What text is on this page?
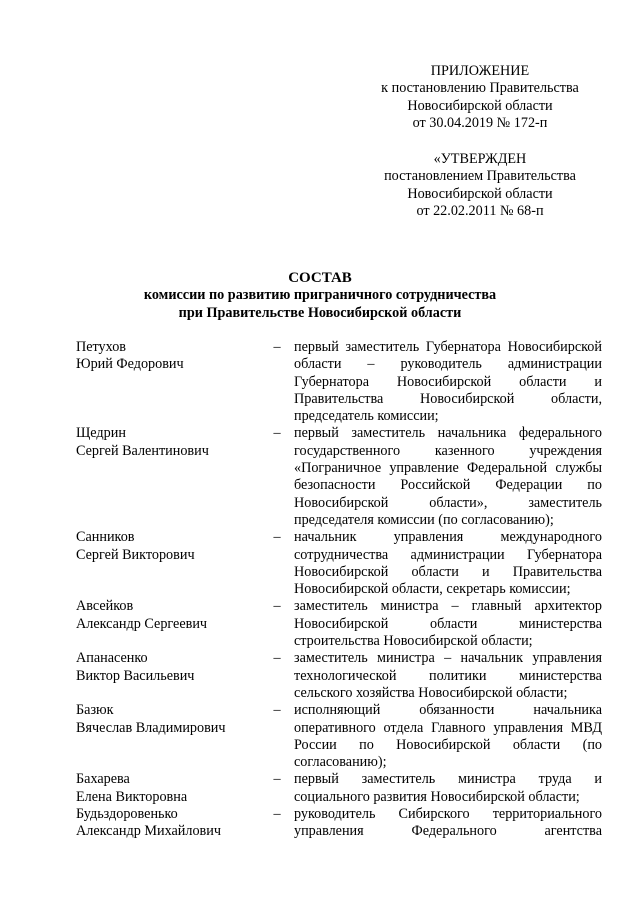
ПРИЛОЖЕНИЕ
к постановлению Правительства
Новосибирской области
от 30.04.2019 № 172-п
«УТВЕРЖДЕН
постановлением Правительства
Новосибирской области
от 22.02.2011 № 68-п
СОСТАВ
комиссии по развитию приграничного сотрудничества
при Правительстве Новосибирской области
Петухов
Юрий Федорович
– первый заместитель Губернатора Новосибирской области – руководитель администрации Губернатора Новосибирской области и Правительства Новосибирской области, председатель комиссии;
Щедрин
Сергей Валентинович
– первый заместитель начальника федерального государственного казенного учреждения «Пограничное управление Федеральной службы безопасности Российской Федерации по Новосибирской области», заместитель председателя комиссии (по согласованию);
Санников
Сергей Викторович
– начальник управления международного сотрудничества администрации Губернатора Новосибирской области и Правительства Новосибирской области, секретарь комиссии;
Авсейков
Александр Сергеевич
– заместитель министра – главный архитектор Новосибирской области министерства строительства Новосибирской области;
Апанасенко
Виктор Васильевич
– заместитель министра – начальник управления технологической политики министерства сельского хозяйства Новосибирской области;
Базюк
Вячеслав Владимирович
– исполняющий обязанности начальника оперативного отдела Главного управления МВД России по Новосибирской области (по согласованию);
Бахарева
Елена Викторовна
– первый заместитель министра труда и социального развития Новосибирской области;
Будьздоровенько
Александр Михайлович
– руководитель Сибирского территориального управления Федерального агентства
